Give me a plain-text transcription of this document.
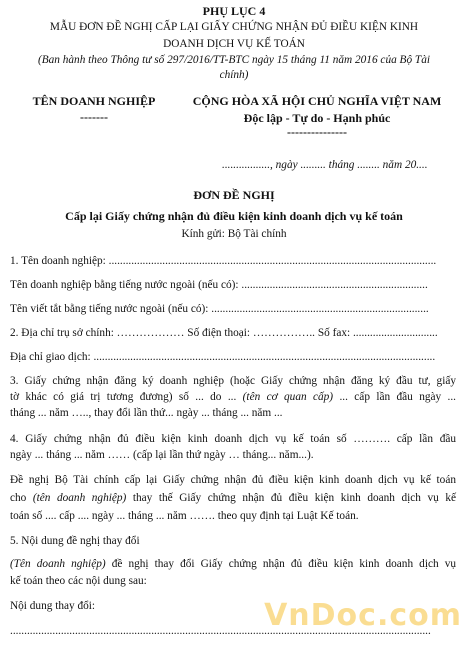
PHỤ LỤC 4
MẪU ĐƠN ĐỀ NGHỊ CẤP LẠI GIẤY CHỨNG NHẬN ĐỦ ĐIỀU KIỆN KINH
DOANH DỊCH VỤ KẾ TOÁN
(Ban hành theo Thông tư số 297/2016/TT-BTC ngày 15 tháng 11 năm 2016 của Bộ Tài
chính)
TÊN DOANH NGHIỆP
-------
CỘNG HÒA XÃ HỘI CHỦ NGHĨA VIỆT NAM
Độc lập - Tự do - Hạnh phúc
---------------
................., ngày ......... tháng ........ năm 20....
ĐƠN ĐỀ NGHỊ
Cấp lại Giấy chứng nhận đủ điều kiện kinh doanh dịch vụ kế toán
Kính gửi: Bộ Tài chính
1. Tên doanh nghiệp: ....................................................................................................................
Tên doanh nghiệp bằng tiếng nước ngoài (nếu có): ..................................................................
Tên viết tắt bằng tiếng nước ngoài (nếu có): .............................................................................
2. Địa chỉ trụ sở chính: ……………… Số điện thoại: …………….. Số fax: ..............................
Địa chỉ giao dịch: .........................................................................................................................
3. Giấy chứng nhận đăng ký doanh nghiệp (hoặc Giấy chứng nhận đăng ký đầu tư, giấy
tờ khác có giá trị tương đương) số ... do ... (tên cơ quan cấp) ... cấp lần đầu ngày ...
tháng ... năm ….., thay đổi lần thứ... ngày ... tháng ... năm ...
4. Giấy chứng nhận đủ điều kiện kinh doanh dịch vụ kế toán số ………. cấp lần đầu
ngày ... tháng ... năm …… (cấp lại lần thứ ngày … tháng... năm...).
Đề nghị Bộ Tài chính cấp lại Giấy chứng nhận đủ điều kiện kinh doanh dịch vụ kế toán
cho (tên doanh nghiệp) thay thế Giấy chứng nhận đủ điều kiện kinh doanh dịch vụ kế
toán số .... cấp .... ngày ... tháng ... năm ……. theo quy định tại Luật Kế toán.
5. Nội dung đề nghị thay đổi
(Tên doanh nghiệp) đề nghị thay đổi Giấy chứng nhận đủ điều kiện kinh doanh dịch vụ
kế toán theo các nội dung sau:
Nội dung thay đổi:
.....................................................................................................................................................
VnDoc.com
